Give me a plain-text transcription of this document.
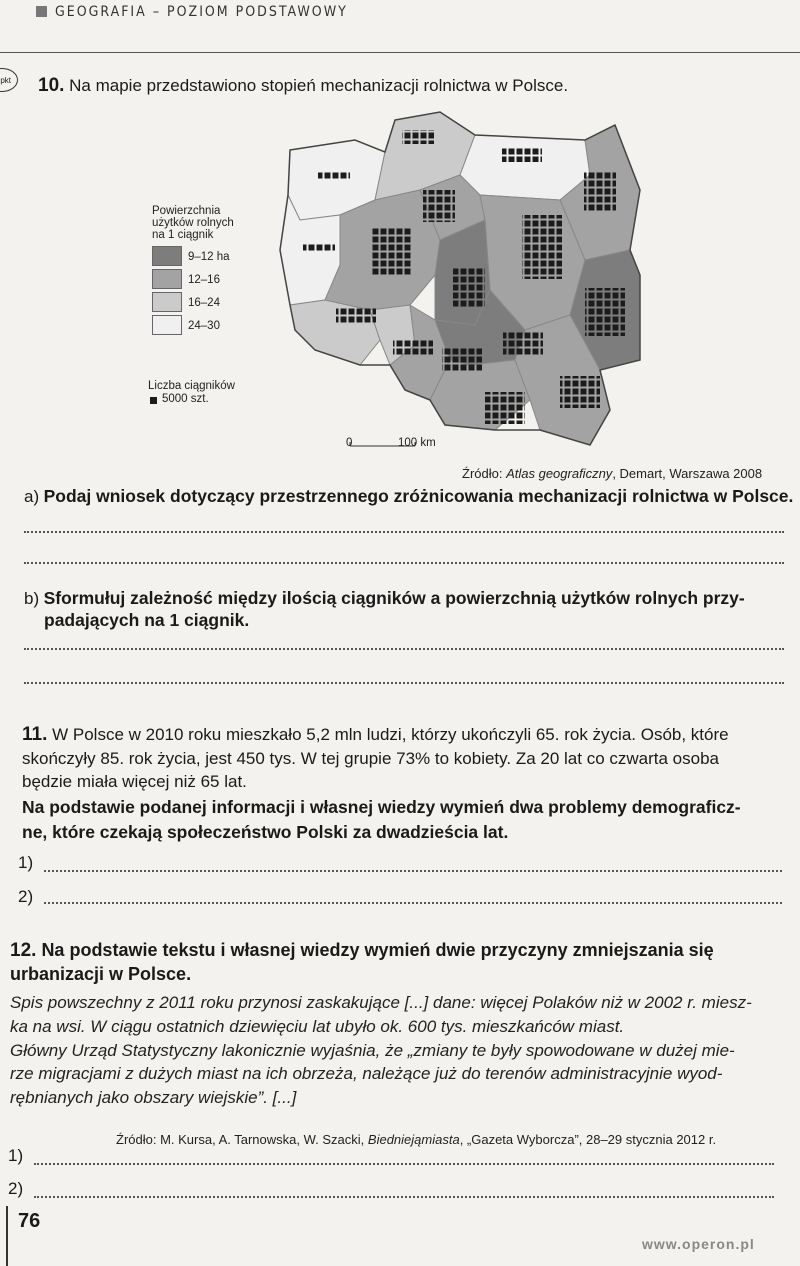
GEOGRAFIA – POZIOM PODSTAWOWY
pkt	10. Na mapie przedstawiono stopień mechanizacji rolnictwa w Polsce.
0	100 km
Powierzchnia
użytków rolnych
na 1 ciągnik
9–12 ha
12–16
16–24
24–30
Liczba ciągników
5000 szt.
Źródło: Atlas geograficzny, Demart, Warszawa 2008
a) Podaj wniosek dotyczący przestrzennego zróżnicowania mechanizacji rolnictwa w Polsce.
b) Sformułuj zależność między ilością ciągników a powierzchnią użytków rolnych przy-
padających na 1 ciągnik.
11. W Polsce w 2010 roku mieszkało 5,2 mln ludzi, którzy ukończyli 65. rok życia. Osób, które
skończyły 85. rok życia, jest 450 tys. W tej grupie 73% to kobiety. Za 20 lat co czwarta osoba
będzie miała więcej niż 65 lat.
Na podstawie podanej informacji i własnej wiedzy wymień dwa problemy demograficz-
ne, które czekają społeczeństwo Polski za dwadzieścia lat.
1)
2)
12. Na podstawie tekstu i własnej wiedzy wymień dwie przyczyny zmniejszania się
urbanizacji w Polsce.
Spis powszechny z 2011 roku przynosi zaskakujące [...] dane: więcej Polaków niż w 2002 r. miesz-
ka na wsi. W ciągu ostatnich dziewięciu lat ubyło ok. 600 tys. mieszkańców miast.
Główny Urząd Statystyczny lakonicznie wyjaśnia, że „zmiany te były spowodowane w dużej mie-
rze migracjami z dużych miast na ich obrzeża, należące już do terenów administracyjnie wyod-
rębnianych jako obszary wiejskie”. [...]
Źródło: M. Kursa, A. Tarnowska, W. Szacki, Biedniejąmiasta, „Gazeta Wyborcza”, 28–29 stycznia 2012 r.
1)
2)
76
www.operon.pl
